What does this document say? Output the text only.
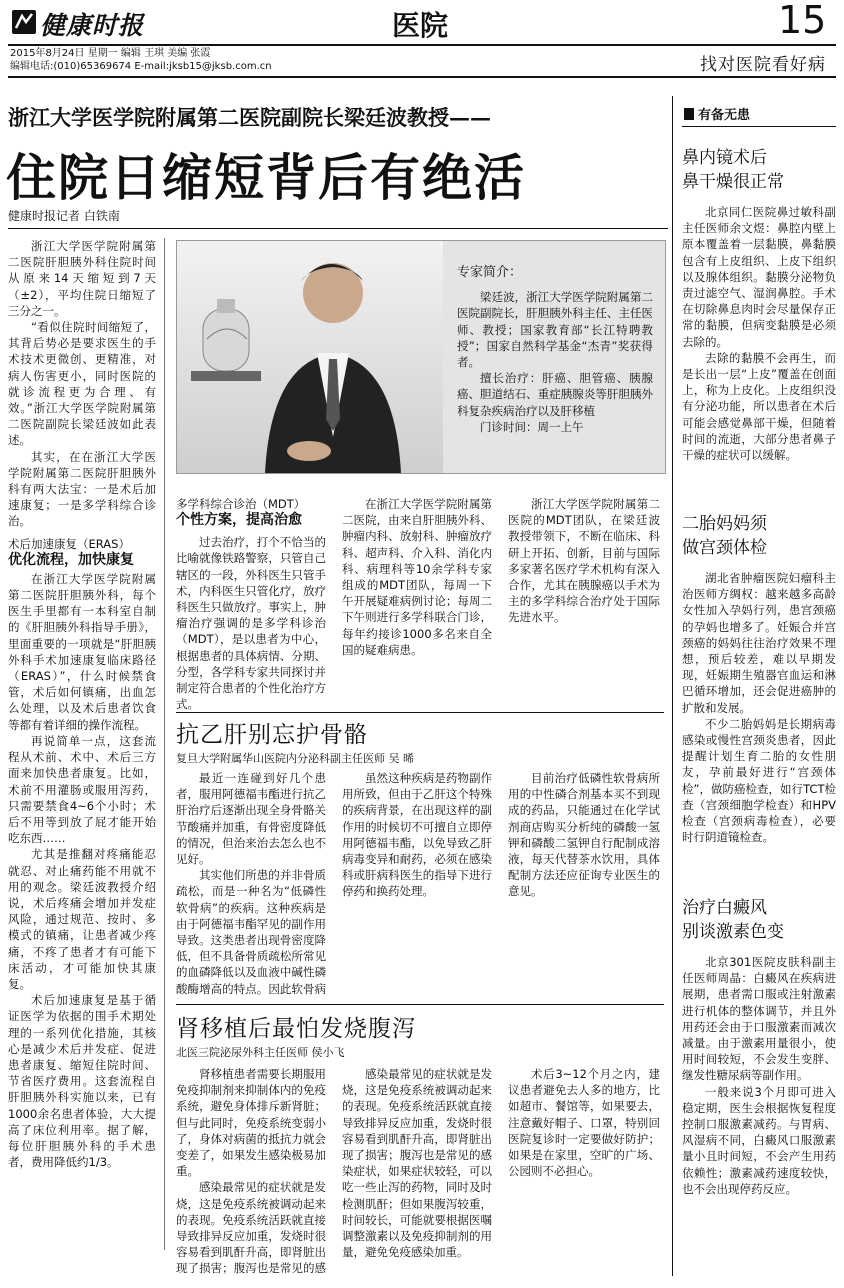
健康时报	医院	15
2015年8月24日 星期一 编辑 王琪 美编 张霞
编辑电话:(010)65369674 E-mail:jksb15@jksb.com.cn	找对医院看好病
浙江大学医学院附属第二医院副院长梁廷波教授——
住院日缩短背后有绝活
健康时报记者 白铁南

浙江大学医学院附属第二医院肝胆胰外科住院时间从原来14天缩短到7天（±2），平均住院日缩短了三分之一。

“看似住院时间缩短了，其背后势必是要求医生的手术技术更微创、更精准，对病人伤害更小，同时医院的就诊流程更为合理、有效。”浙江大学医学院附属第二医院副院长梁廷波如此表述。

其实，在在浙江大学医学院附属第二医院肝胆胰外科有两大法宝：一是术后加速康复；一是多学科综合诊治。

术后加速康复（ERAS）
优化流程，加快康复

在浙江大学医学院附属第二医院肝胆胰外科，每个医生手里都有一本科室自制的《肝胆胰外科指导手册》，里面重要的一项就是“肝胆胰外科手术加速康复临床路径（ERAS）”，什么时候禁食管，术后如何镇痛，出血怎么处理，以及术后患者饮食等都有着详细的操作流程。

再说简单一点，这套流程从术前、术中、术后三方面来加快患者康复。比如，术前不用灌肠或服用泻药，只需要禁食4~6个小时；术后不用等到放了屁才能开始吃东西……

尤其是推翻对疼痛能忍就忍、对止痛药能不用就不用的观念。梁廷波教授介绍说，术后疼痛会增加并发症风险，通过规范、按时、多模式的镇痛，让患者减少疼痛，不疼了患者才有可能下床活动，才可能加快其康复。

术后加速康复是基于循证医学为依据的围手术期处理的一系列优化措施，其核心是减少术后并发症、促进患者康复、缩短住院时间、节省医疗费用。这套流程自肝胆胰外科实施以来，已有1000余名患者体验，大大提高了床位利用率。据了解，每位肝胆胰外科的手术患者，费用降低约1/3。

专家简介：

梁廷波，浙江大学医学院附属第二医院副院长，肝胆胰外科主任、主任医师、教授；国家教育部“长江特聘教授”；国家自然科学基金“杰青”奖获得者。

擅长治疗：肝癌、胆管癌、胰腺癌、胆道结石、重症胰腺炎等肝胆胰外科复杂疾病治疗以及肝移植

门诊时间：周一上午

多学科综合诊治（MDT）
个性方案，提高治愈

过去治疗，打个不恰当的比喻就像铁路警察，只管自己辖区的一段，外科医生只管手术，内科医生只管化疗，放疗科医生只做放疗。事实上，肿瘤治疗强调的是多学科诊治（MDT），是以患者为中心，根据患者的具体病情、分期、分型，各学科专家共同探讨并制定符合患者的个性化治疗方式。

在浙江大学医学院附属第二医院，由来自肝胆胰外科、肿瘤内科、放射科、肿瘤放疗科、超声科、介入科、消化内科、病理科等10余学科专家组成的MDT团队，每周一下午开展疑难病例讨论；每周二下午则进行多学科联合门诊，每年约接诊1000多名来自全国的疑难病患。

浙江大学医学院附属第二医院的MDT团队，在梁廷波教授带领下，不断在临床、科研上开拓、创新，目前与国际多家著名医疗学术机构有深入合作，尤其在胰腺癌以手术为主的多学科综合治疗处于国际先进水平。

抗乙肝别忘护骨骼
复旦大学附属华山医院内分泌科副主任医师 吴 晞

最近一连碰到好几个患者，服用阿德福韦酯进行抗乙肝治疗后逐渐出现全身骨骼关节酸痛并加重，有骨密度降低的情况，但治来治去怎么也不见好。

其实他们所患的并非骨质疏松，而是一种名为“低磷性软骨病”的疾病。这种疾病是由于阿德福韦酯罕见的副作用导致。这类患者出现骨密度降低，但不具备骨质疏松所常见的血磷降低以及血液中碱性磷酸酶增高的特点。因此软骨病

虽然这种疾病是药物副作用所致，但由于乙肝这个特殊的疾病背景，在出现这样的副作用的时候切不可擅自立即停用阿德福韦酯，以免导致乙肝病毒变异和耐药，必须在感染科或肝病科医生的指导下进行停药和换药处理。

目前治疗低磷性软骨病所用的中性磷合剂基本买不到现成的药品，只能通过在化学试剂商店购买分析纯的磷酸一氢钾和磷酸二氢钾自行配制成溶液，每天代替茶水饮用，具体配制方法还应征询专业医生的意见。

肾移植后最怕发烧腹泻
北医三院泌尿外科主任医师 侯小飞

肾移植患者需要长期服用免疫抑制剂来抑制体内的免疫系统，避免身体排斥新肾脏；但与此同时，免疫系统变弱小了，身体对病菌的抵抗力就会变差了，如果发生感染极易加重。

感染最常见的症状就是发烧，这是免疫系统被调动起来的表现。免疫系统活跃就直接导致排异反应加重，发烧时很容易看到肌酐升高，即肾脏出现了损害；腹泻也是常见的感

感染最常见的症状就是发烧，这是免疫系统被调动起来的表现。免疫系统活跃就直接导致排异反应加重，发烧时很容易看到肌酐升高，即肾脏出现了损害；腹泻也是常见的感染症状，如果症状较轻，可以吃一些止泻的药物，同时及时检测肌酐；但如果腹泻较重，时间较长，可能就要根据医嘱调整激素以及免疫抑制剂的用量，避免免疫感染加重。

术后3~12个月之内，建议患者避免去人多的地方，比如超市、餐馆等，如果要去，注意戴好帽子、口罩，特别回医院复诊时一定要做好防护；如果是在家里，空旷的广场、公园则不必担心。

有备无患
鼻内镜术后
鼻干燥很正常

北京同仁医院鼻过敏科副主任医师余文煜：鼻腔内壁上原本覆盖着一层黏膜，鼻黏膜包含有上皮组织、上皮下组织以及腺体组织。黏膜分泌物负责过滤空气、湿润鼻腔。手术在切除鼻息肉时会尽量保存正常的黏膜，但病变黏膜是必须去除的。

去除的黏膜不会再生，而是长出一层“上皮”覆盖在创面上，称为上皮化。上皮组织没有分泌功能，所以患者在术后可能会感觉鼻部干燥，但随着时间的流逝，大部分患者鼻子干燥的症状可以缓解。

二胎妈妈须
做宫颈体检

湖北省肿瘤医院妇瘤科主治医师方绸权：越来越多高龄女性加入孕妈行列，患宫颈癌的孕妈也增多了。妊娠合并宫颈癌的妈妈往往治疗效果不理想，预后较差，难以早期发现，妊娠期生殖器官血运和淋巴循环增加，还会促进癌肿的扩散和发展。

不少二胎妈妈是长期病毒感染或慢性宫颈炎患者，因此提醒计划生育二胎的女性朋友，孕前最好进行“宫颈体检”，做防癌检查，如行TCT检查（宫颈细胞学检查）和HPV检查（宫颈病毒检查），必要时行阴道镜检查。

治疗白癜风
别谈激素色变

北京301医院皮肤科副主任医师周晶：白癜风在疾病进展期，患者需口服或注射激素进行机体的整体调节，并且外用药还会由于口服激素而减次减量。由于激素用量很小，使用时间较短，不会发生变胖、继发性糖尿病等副作用。

一般来说3个月即可进入稳定期，医生会根据恢复程度控制口服激素减药。与胃病、风湿病不同，白癜风口服激素量小且时间短，不会产生用药依赖性；激素减药速度较快，也不会出现停药反应。
